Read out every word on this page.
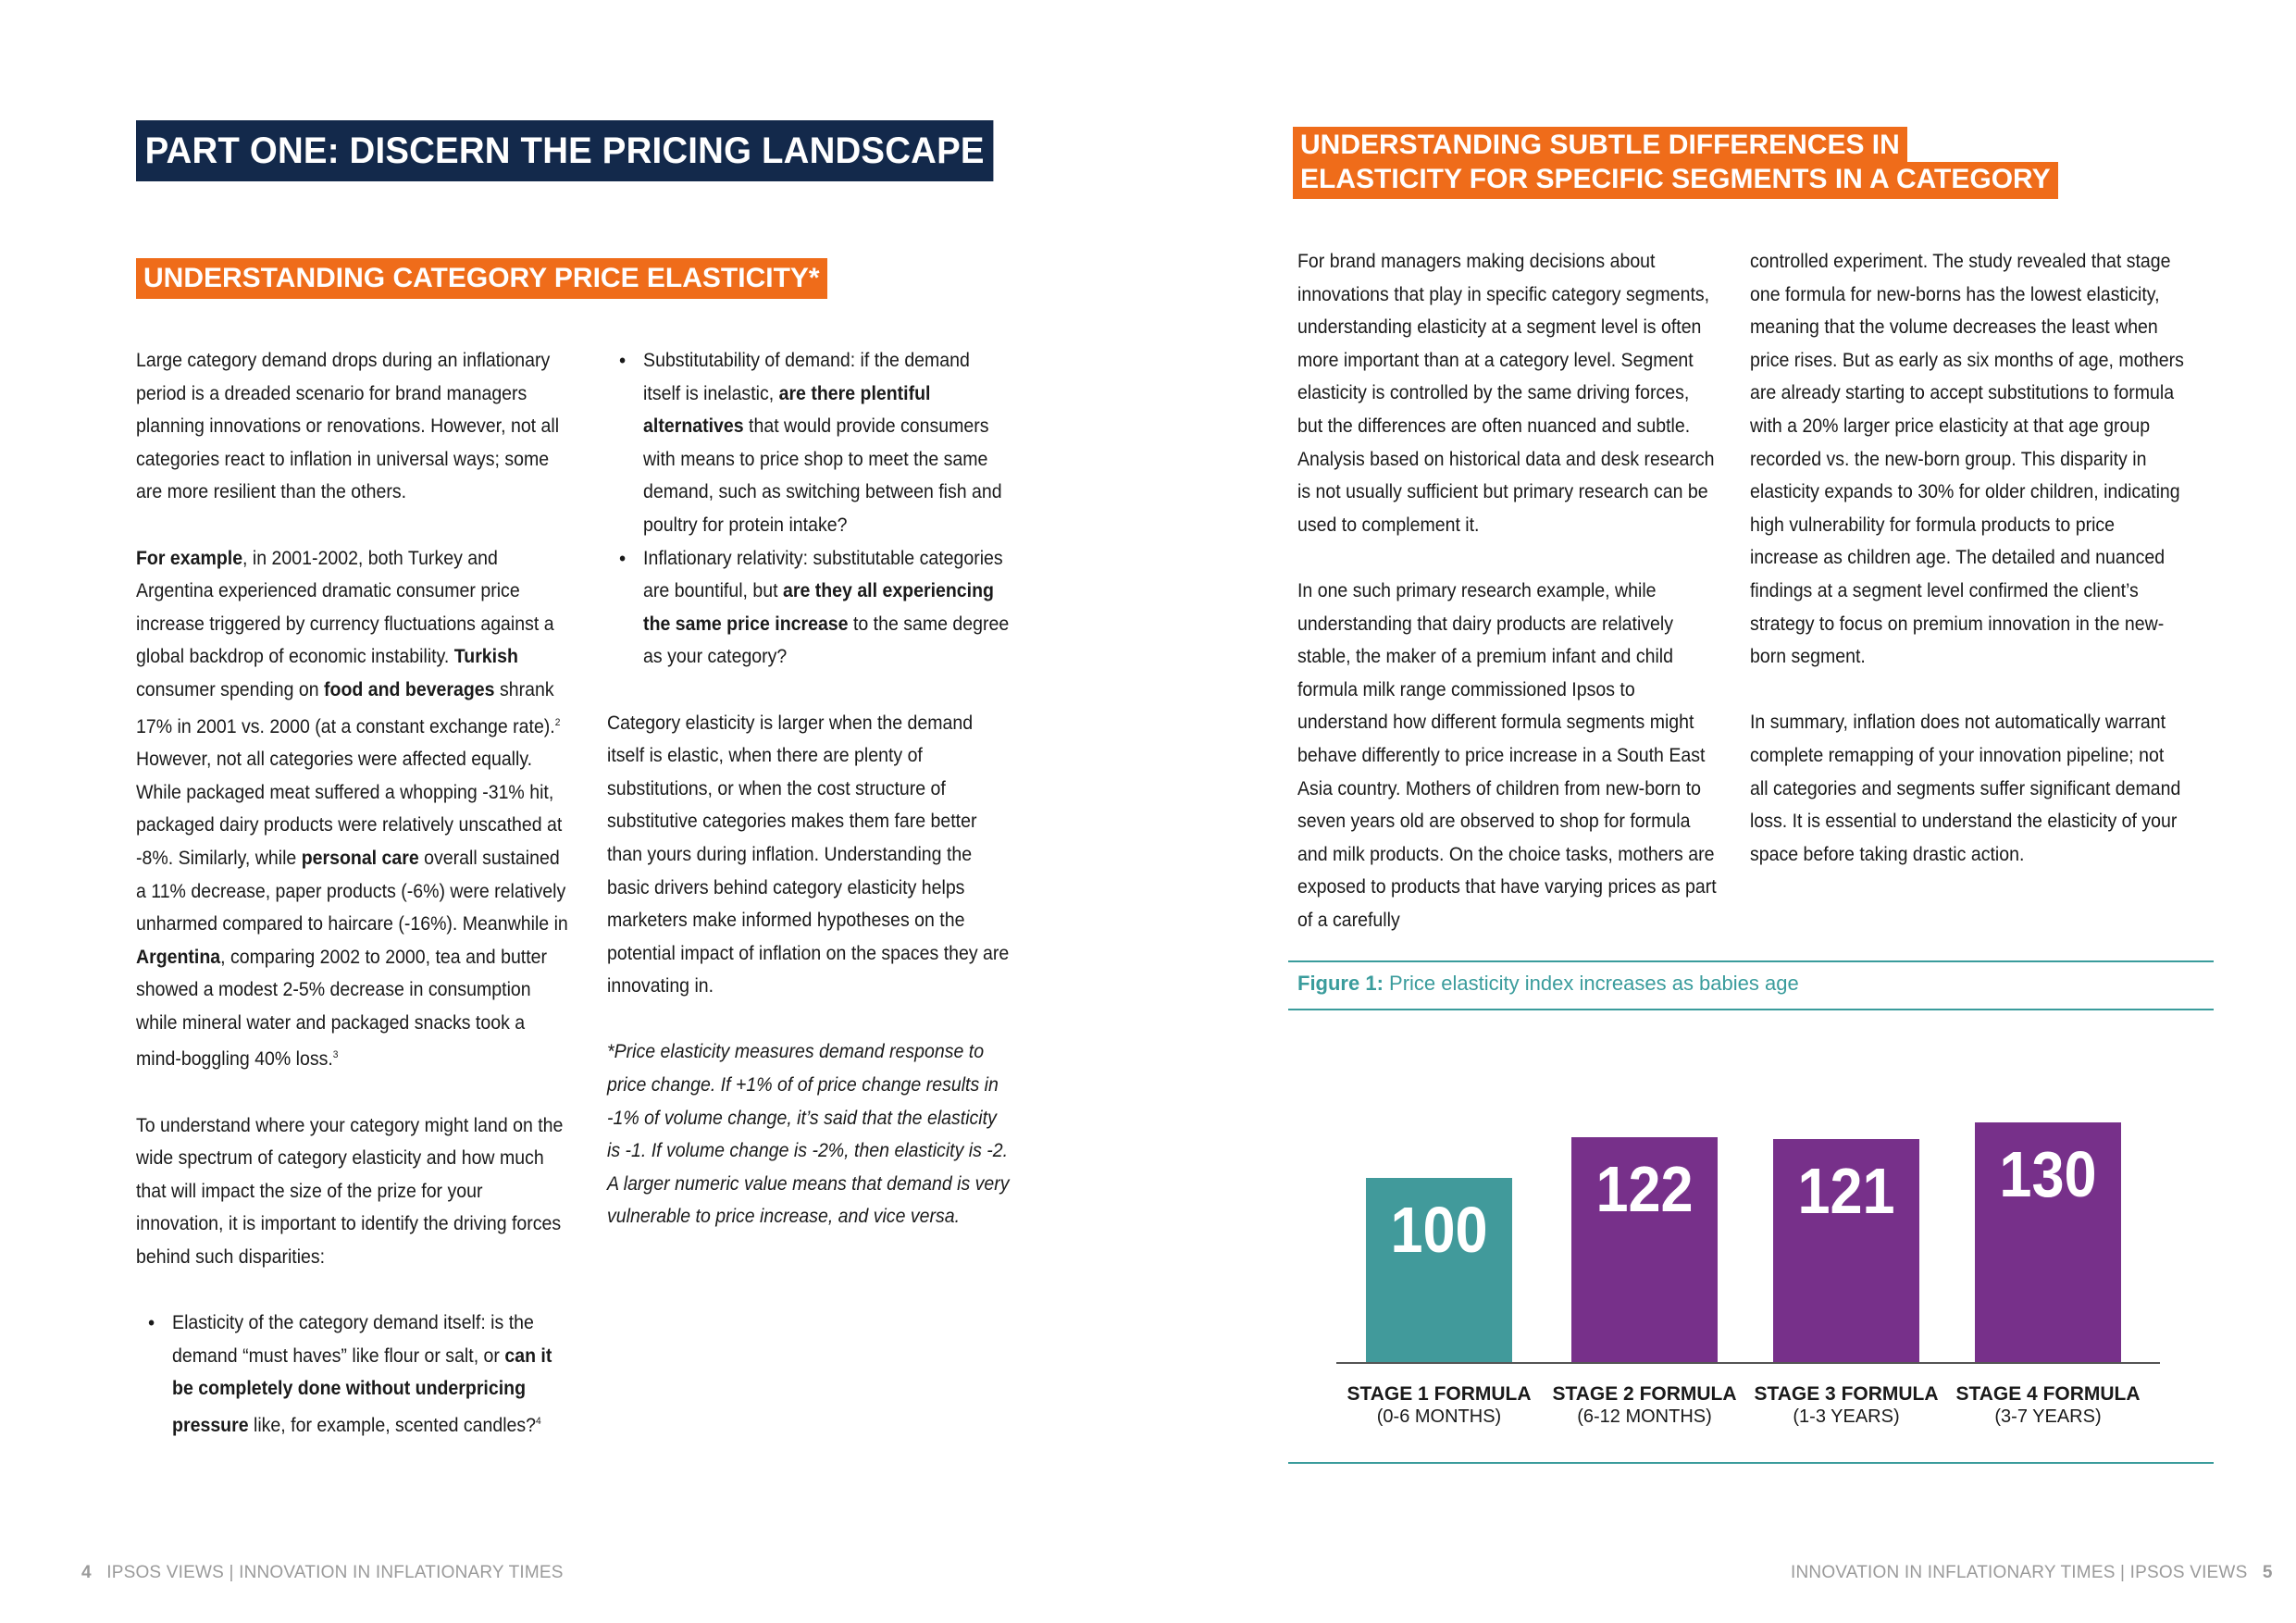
PART ONE: DISCERN THE PRICING LANDSCAPE
UNDERSTANDING CATEGORY PRICE ELASTICITY*

Large category demand drops during an inflationary period is a dreaded scenario for brand managers planning innovations or renovations. However, not all categories react to inflation in universal ways; some are more resilient than the others.

For example, in 2001-2002, both Turkey and Argentina experienced dramatic consumer price increase triggered by currency fluctuations against a global backdrop of economic instability. Turkish consumer spending on food and beverages shrank 17% in 2001 vs. 2000 (at a constant exchange rate).$^2$ However, not all categories were affected equally. While packaged meat suffered a whopping -31% hit, packaged dairy products were relatively unscathed at -8%. Similarly, while personal care overall sustained a 11% decrease, paper products (-6%) were relatively unharmed compared to haircare (-16%). Meanwhile in Argentina, comparing 2002 to 2000, tea and butter showed a modest 2-5% decrease in consumption while mineral water and packaged snacks took a mind-boggling 40% loss.$^3$

To understand where your category might land on the wide spectrum of category elasticity and how much that will impact the size of the prize for your innovation, it is important to identify the driving forces behind such disparities:

• Elasticity of the category demand itself: is the demand “must haves” like flour or salt, or can it be completely done without underpricing pressure like, for example, scented candles?$^4$
• Substitutability of demand: if the demand itself is inelastic, are there plentiful alternatives that would provide consumers with means to price shop to meet the same demand, such as switching between fish and poultry for protein intake?
• Inflationary relativity: substitutable categories are bountiful, but are they all experiencing the same price increase to the same degree as your category?

Category elasticity is larger when the demand itself is elastic, when there are plenty of substitutions, or when the cost structure of substitutive categories makes them fare better than yours during inflation. Understanding the basic drivers behind category elasticity helps marketers make informed hypotheses on the potential impact of inflation on the spaces they are innovating in.

*Price elasticity measures demand response to price change. If +1% of of price change results in -1% of volume change, it’s said that the elasticity is -1. If volume change is -2%, then elasticity is -2. A larger numeric value means that demand is very vulnerable to price increase, and vice versa.

4 IPSOS VIEWS | INNOVATION IN INFLATIONARY TIMES
UNDERSTANDING SUBTLE DIFFERENCES IN
ELASTICITY FOR SPECIFIC SEGMENTS IN A CATEGORY

For brand managers making decisions about innovations that play in specific category segments, understanding elasticity at a segment level is often more important than at a category level. Segment elasticity is controlled by the same driving forces, but the differences are often nuanced and subtle. Analysis based on historical data and desk research is not usually sufficient but primary research can be used to complement it.

In one such primary research example, while understanding that dairy products are relatively stable, the maker of a premium infant and child formula milk range commissioned Ipsos to understand how different formula segments might behave differently to price increase in a South East Asia country. Mothers of children from new-born to seven years old are observed to shop for formula and milk products. On the choice tasks, mothers are exposed to products that have varying prices as part of a carefully

controlled experiment. The study revealed that stage one formula for new-borns has the lowest elasticity, meaning that the volume decreases the least when price rises. But as early as six months of age, mothers are already starting to accept substitutions to formula with a 20% larger price elasticity at that age group recorded vs. the new-born group. This disparity in elasticity expands to 30% for older children, indicating high vulnerability for formula products to price increase as children age. The detailed and nuanced findings at a segment level confirmed the client’s strategy to focus on premium innovation in the new-born segment.

In summary, inflation does not automatically warrant complete remapping of your innovation pipeline; not all categories and segments suffer significant demand loss. It is essential to understand the elasticity of your space before taking drastic action.

Figure 1: Price elasticity index increases as babies age
100
STAGE 1 FORMULA
(0-6 MONTHS)
122
STAGE 2 FORMULA
(6-12 MONTHS)
121
STAGE 3 FORMULA
(1-3 YEARS)
130
STAGE 4 FORMULA
(3-7 YEARS)
INNOVATION IN INFLATIONARY TIMES | IPSOS VIEWS 5
